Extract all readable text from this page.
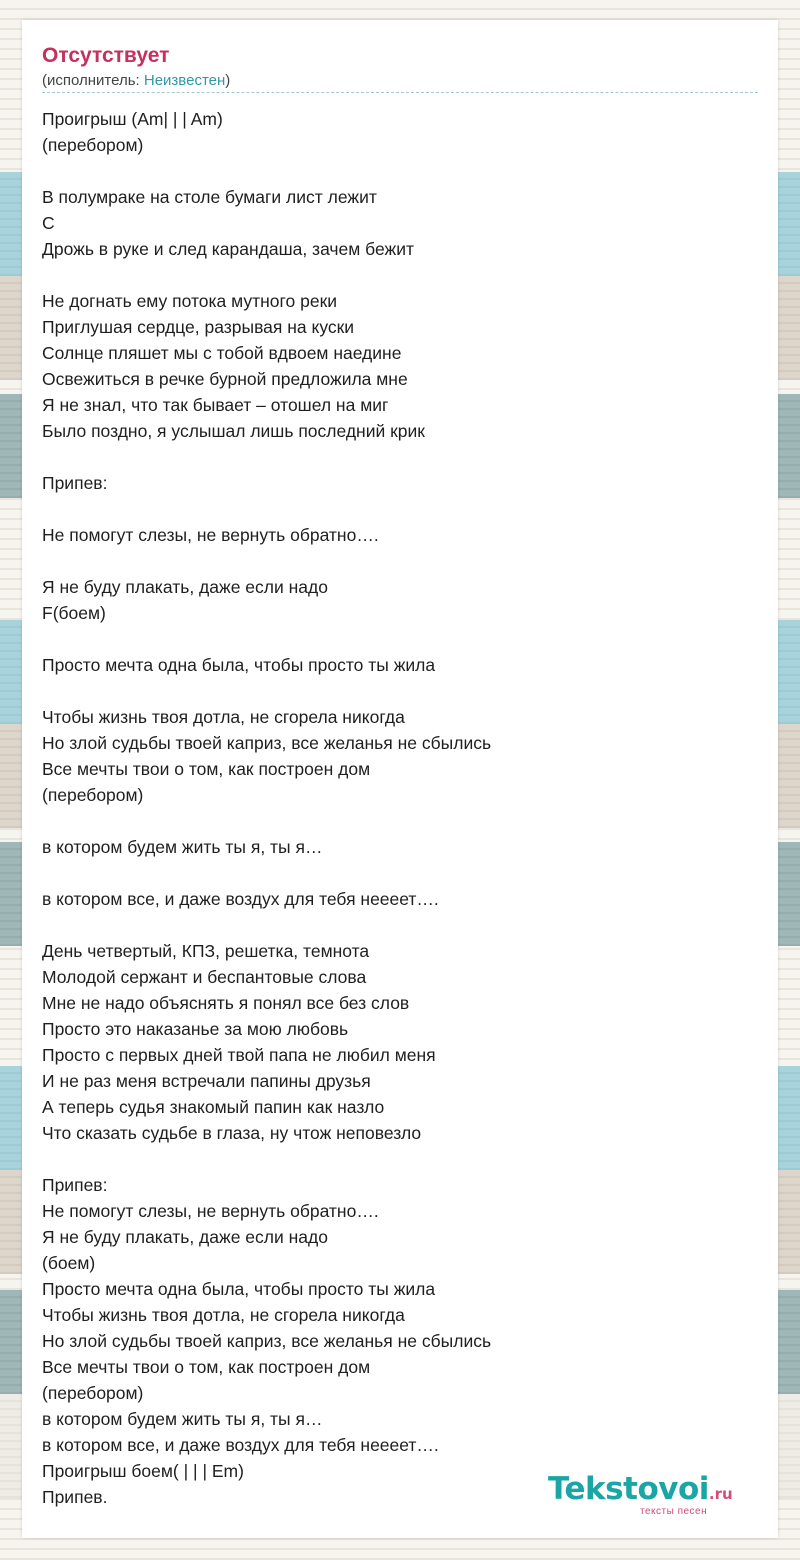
Отсутствует
(исполнитель: Неизвестен)
Проигрыш (Am| | | Am)
(перебором)
В полумраке на столе бумаги лист лежит
C
Дрожь в руке и след карандаша, зачем бежит
Не догнать ему потока мутного реки
Приглушая сердце, разрывая на куски
Солнце пляшет мы с тобой вдвоем наедине
Освежиться в речке бурной предложила мне
Я не знал, что так бывает – отошел на миг
Было поздно, я услышал лишь последний крик
Припев:
Не помогут слезы, не вернуть обратно….
Я не буду плакать, даже если надо
F(боем)
Просто мечта одна была, чтобы просто ты жила
Чтобы жизнь твоя дотла, не сгорела никогда
Но злой судьбы твоей каприз, все желанья не сбылись
Все мечты твои о том, как построен дом
(перебором)
в котором будем жить ты я, ты я…
в котором все, и даже воздух для тебя неееет….
День четвертый, КПЗ, решетка, темнота
Молодой сержант и беспантовые слова
Мне не надо объяснять я понял все без слов
Просто это наказанье за мою любовь
Просто с первых дней твой папа не любил меня
И не раз меня встречали папины друзья
А теперь судья знакомый папин как назло
Что сказать судьбе в глаза, ну чтож неповезло
Припев:
Не помогут слезы, не вернуть обратно….
Я не буду плакать, даже если надо
(боем)
Просто мечта одна была, чтобы просто ты жила
Чтобы жизнь твоя дотла, не сгорела никогда
Но злой судьбы твоей каприз, все желанья не сбылись
Все мечты твои о том, как построен дом
(перебором)
в котором будем жить ты я, ты я…
в котором все, и даже воздух для тебя неееет….
Проигрыш боем( | | | Em)
Припев.	Tekstovoi.ru
тексты песен
